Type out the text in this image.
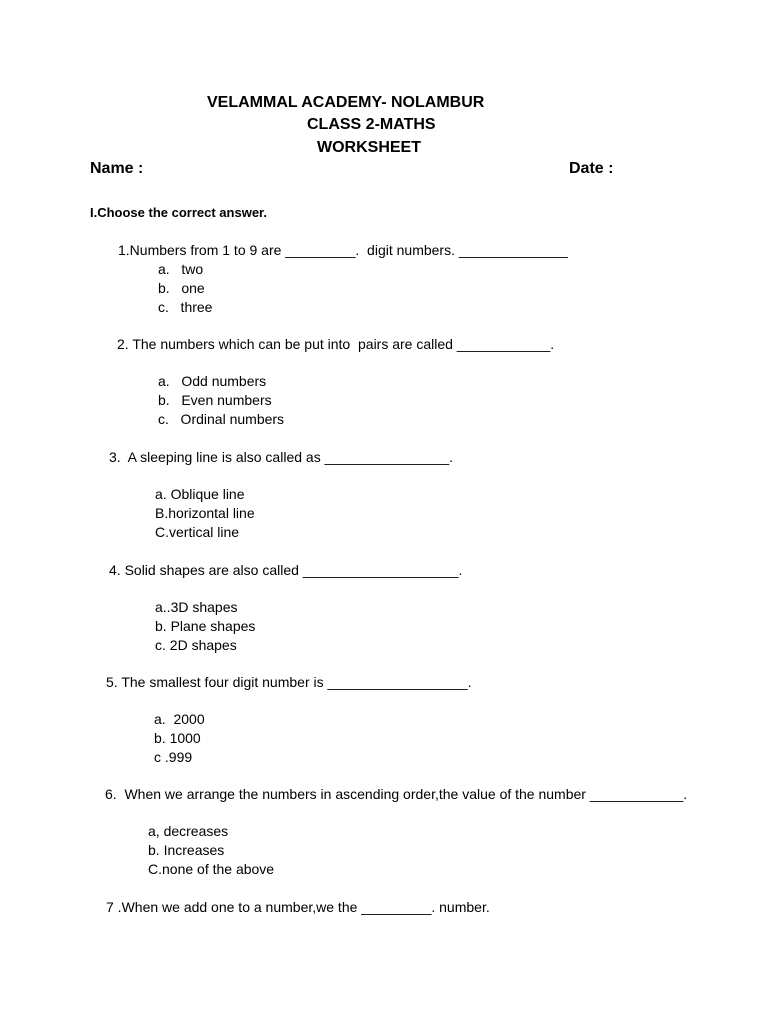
VELAMMAL ACADEMY- NOLAMBUR
CLASS 2-MATHS
WORKSHEET
Name :	Date :
I.Choose the correct answer.
1.Numbers from 1 to 9 are _________.  digit numbers. ______________
a.   two
b.   one
c.   three
2. The numbers which can be put into  pairs are called ____________.
a.   Odd numbers
b.   Even numbers
c.   Ordinal numbers
3.  A sleeping line is also called as ________________.
a. Oblique line
B.horizontal line
C.vertical line
4. Solid shapes are also called ____________________.
a..3D shapes
b. Plane shapes
c. 2D shapes
5. The smallest four digit number is __________________.
a.  2000
b. 1000
c .999
6.  When we arrange the numbers in ascending order,the value of the number ____________.
a, decreases
b. Increases
C.none of the above
7 .When we add one to a number,we the _________. number.
